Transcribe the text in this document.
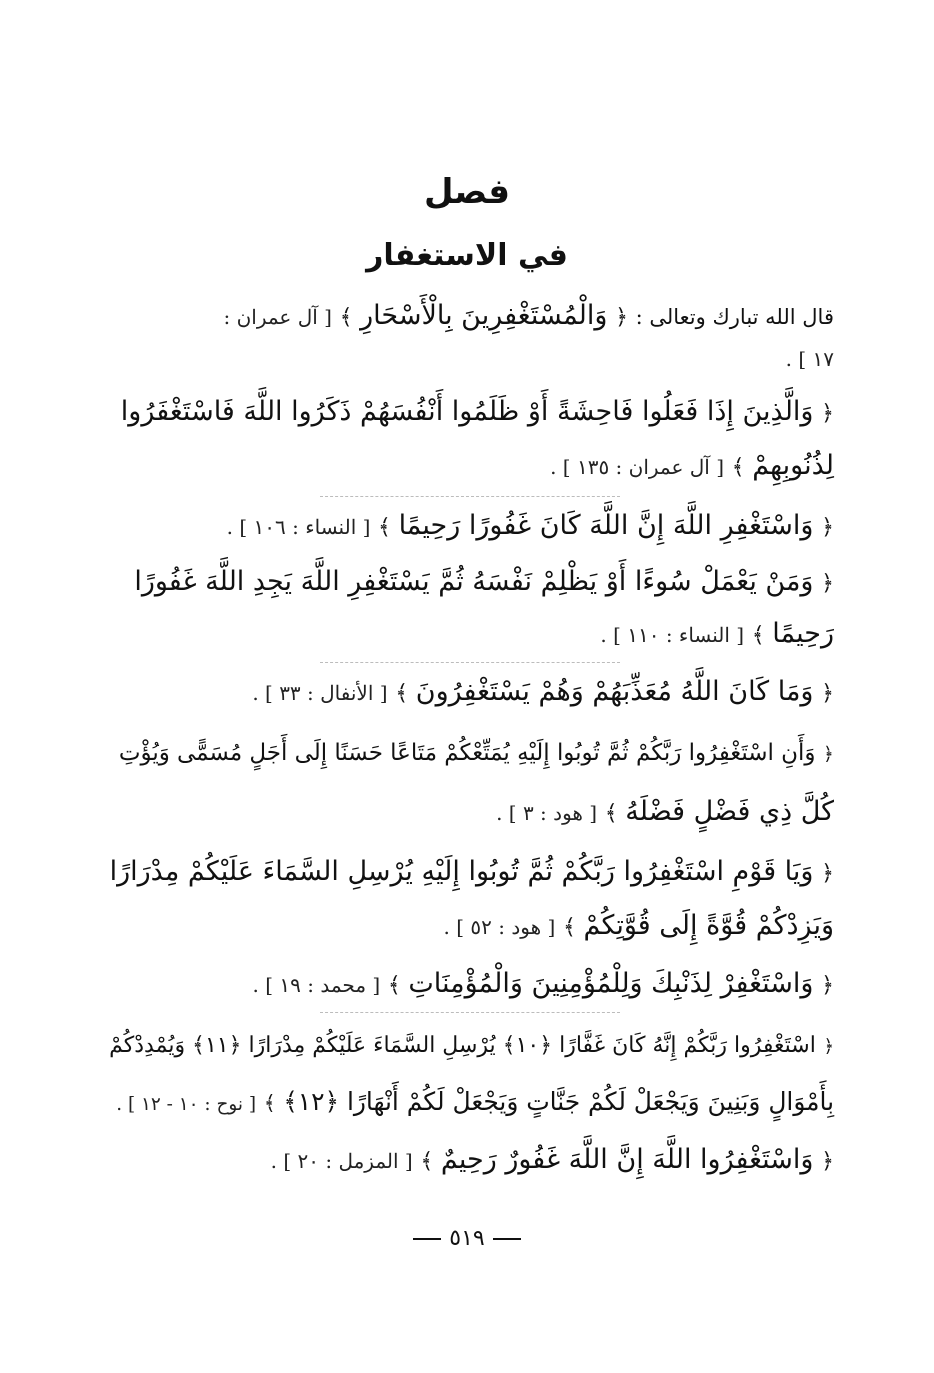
فصل
في الاستغفار
قال الله تبارك وتعالى : ﴿ وَالْمُسْتَغْفِرِينَ بِالْأَسْحَارِ ﴾ [ آل عمران :
١٧ ] .
﴿ وَالَّذِينَ إِذَا فَعَلُوا فَاحِشَةً أَوْ ظَلَمُوا أَنْفُسَهُمْ ذَكَرُوا اللَّهَ فَاسْتَغْفَرُوا
لِذُنُوبِهِمْ ﴾ [ آل عمران : ١٣٥ ] .
﴿ وَاسْتَغْفِرِ اللَّهَ إِنَّ اللَّهَ كَانَ غَفُورًا رَحِيمًا ﴾ [ النساء : ١٠٦ ] .
﴿ وَمَنْ يَعْمَلْ سُوءًا أَوْ يَظْلِمْ نَفْسَهُ ثُمَّ يَسْتَغْفِرِ اللَّهَ يَجِدِ اللَّهَ غَفُورًا
رَحِيمًا ﴾ [ النساء : ١١٠ ] .
﴿ وَمَا كَانَ اللَّهُ مُعَذِّبَهُمْ وَهُمْ يَسْتَغْفِرُونَ ﴾ [ الأنفال : ٣٣ ] .
﴿ وَأَنِ اسْتَغْفِرُوا رَبَّكُمْ ثُمَّ تُوبُوا إِلَيْهِ يُمَتِّعْكُمْ مَتَاعًا حَسَنًا إِلَى أَجَلٍ مُسَمًّى وَيُؤْتِ
كُلَّ ذِي فَضْلٍ فَضْلَهُ ﴾ [ هود : ٣ ] .
﴿ وَيَا قَوْمِ اسْتَغْفِرُوا رَبَّكُمْ ثُمَّ تُوبُوا إِلَيْهِ يُرْسِلِ السَّمَاءَ عَلَيْكُمْ مِدْرَارًا
وَيَزِدْكُمْ قُوَّةً إِلَى قُوَّتِكُمْ ﴾ [ هود : ٥٢ ] .
﴿ وَاسْتَغْفِرْ لِذَنْبِكَ وَلِلْمُؤْمِنِينَ وَالْمُؤْمِنَاتِ ﴾ [ محمد : ١٩ ] .
﴿ اسْتَغْفِرُوا رَبَّكُمْ إِنَّهُ كَانَ غَفَّارًا ﴿١٠﴾ يُرْسِلِ السَّمَاءَ عَلَيْكُمْ مِدْرَارًا ﴿١١﴾ وَيُمْدِدْكُمْ
بِأَمْوَالٍ وَبَنِينَ وَيَجْعَلْ لَكُمْ جَنَّاتٍ وَيَجْعَلْ لَكُمْ أَنْهَارًا ﴿١٢﴾ ﴾ [ نوح : ١٠ - ١٢ ] .
﴿ وَاسْتَغْفِرُوا اللَّهَ إِنَّ اللَّهَ غَفُورٌ رَحِيمٌ ﴾ [ المزمل : ٢٠ ] .
٥١٩
